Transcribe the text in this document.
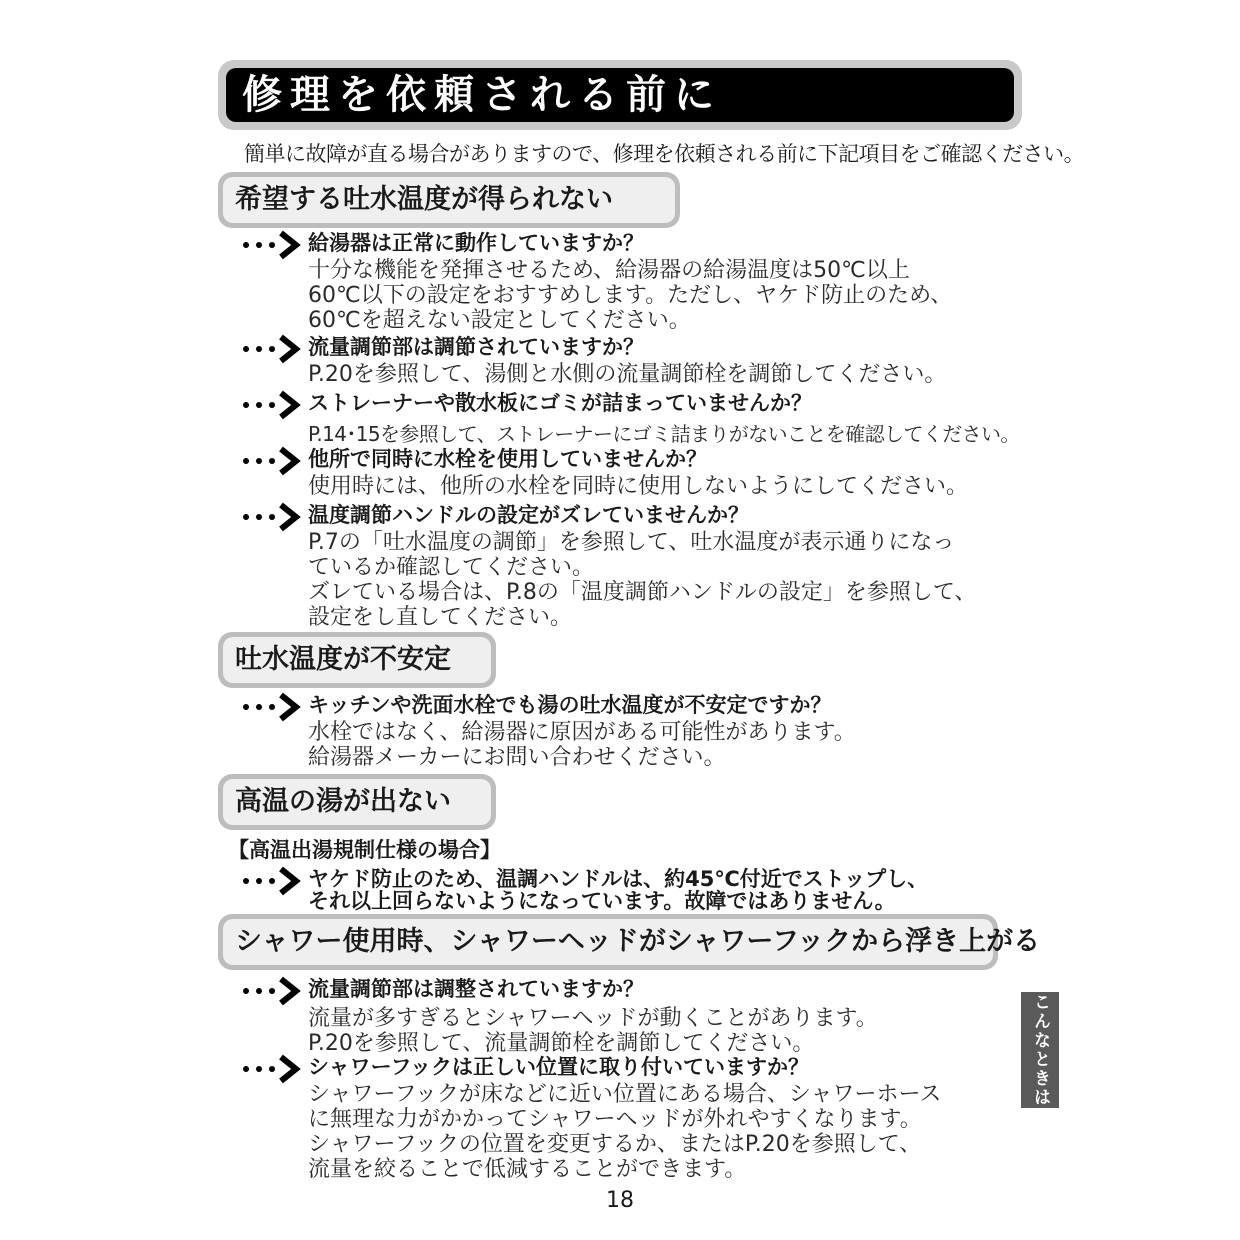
修理を依頼される前に
簡単に故障が直る場合がありますので、修理を依頼される前に下記項目をご確認ください。
希望する吐水温度が得られない
給湯器は正常に動作していますか？
十分な機能を発揮させるため、給湯器の給湯温度は50℃以上
60℃以下の設定をおすすめします。ただし、ヤケド防止のため、
60℃を超えない設定としてください。
流量調節部は調節されていますか？
P.20を参照して、湯側と水側の流量調節栓を調節してください。
ストレーナーや散水板にゴミが詰まっていませんか？
P.14･15を参照して、ストレーナーにゴミ詰まりがないことを確認してください。
他所で同時に水栓を使用していませんか？
使用時には、他所の水栓を同時に使用しないようにしてください。
温度調節ハンドルの設定がズレていませんか？
P.7の「吐水温度の調節」を参照して、吐水温度が表示通りになっ
ているか確認してください。
ズレている場合は、P.8の「温度調節ハンドルの設定」を参照して、
設定をし直してください。
吐水温度が不安定
キッチンや洗面水栓でも湯の吐水温度が不安定ですか？
水栓ではなく、給湯器に原因がある可能性があります。
給湯器メーカーにお問い合わせください。
高温の湯が出ない
【高温出湯規制仕様の場合】
ヤケド防止のため、温調ハンドルは、約45℃付近でストップし、
それ以上回らないようになっています。故障ではありません。
シャワー使用時、シャワーヘッドがシャワーフックから浮き上がる
流量調節部は調整されていますか？
流量が多すぎるとシャワーヘッドが動くことがあります。
P.20を参照して、流量調節栓を調節してください。
シャワーフックは正しい位置に取り付いていますか？
シャワーフックが床などに近い位置にある場合、シャワーホース
に無理な力がかかってシャワーヘッドが外れやすくなります。
シャワーフックの位置を変更するか、またはP.20を参照して、
流量を絞ることで低減することができます。
こんなときは
18
